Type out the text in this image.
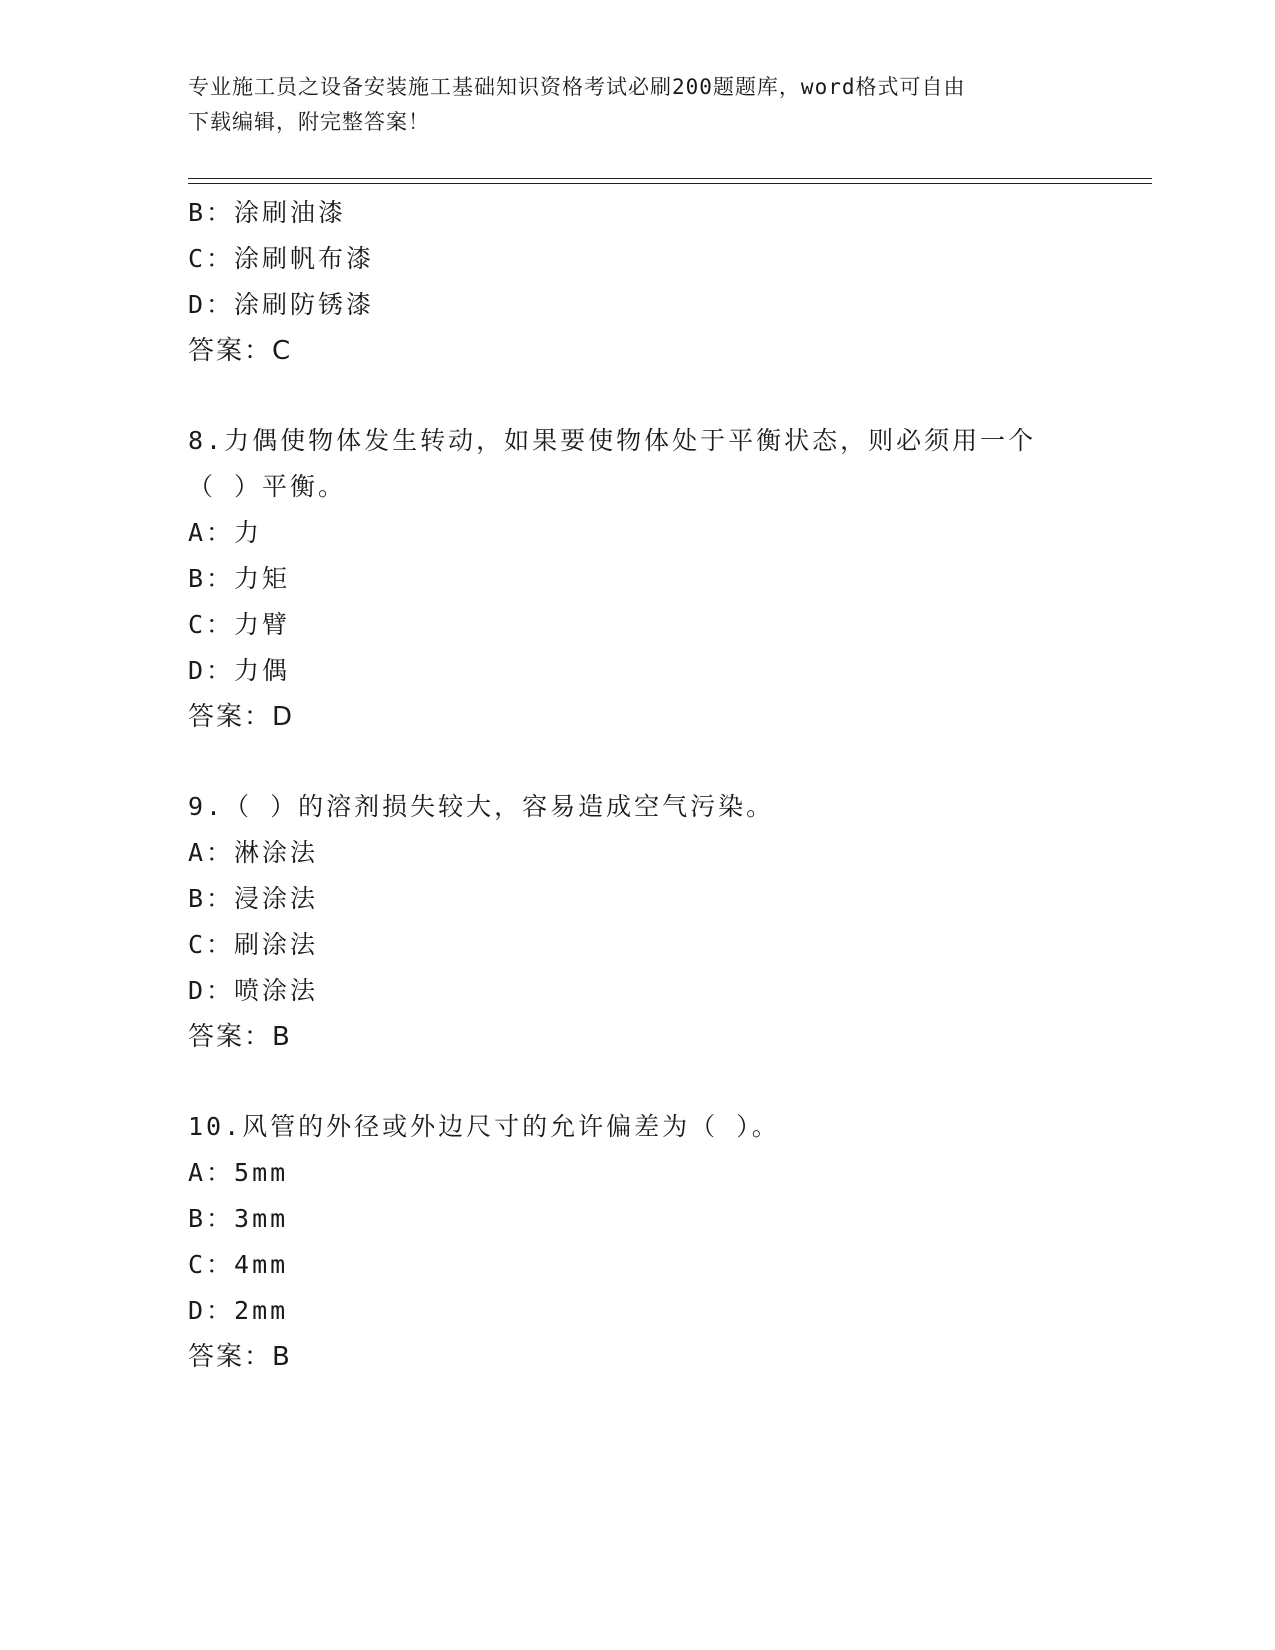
专业施工员之设备安装施工基础知识资格考试必刷200题题库，word格式可自由
下载编辑，附完整答案！
B：涂刷油漆
C：涂刷帆布漆
D：涂刷防锈漆
答案：C
8.力偶使物体发生转动，如果要使物体处于平衡状态，则必须用一个
（ ）平衡。
A：力
B：力矩
C：力臂
D：力偶
答案：D
9.（ ）的溶剂损失较大，容易造成空气污染。
A：淋涂法
B：浸涂法
C：刷涂法
D：喷涂法
答案：B
10.风管的外径或外边尺寸的允许偏差为（ ）。
A：5mm
B：3mm
C：4mm
D：2mm
答案：B
